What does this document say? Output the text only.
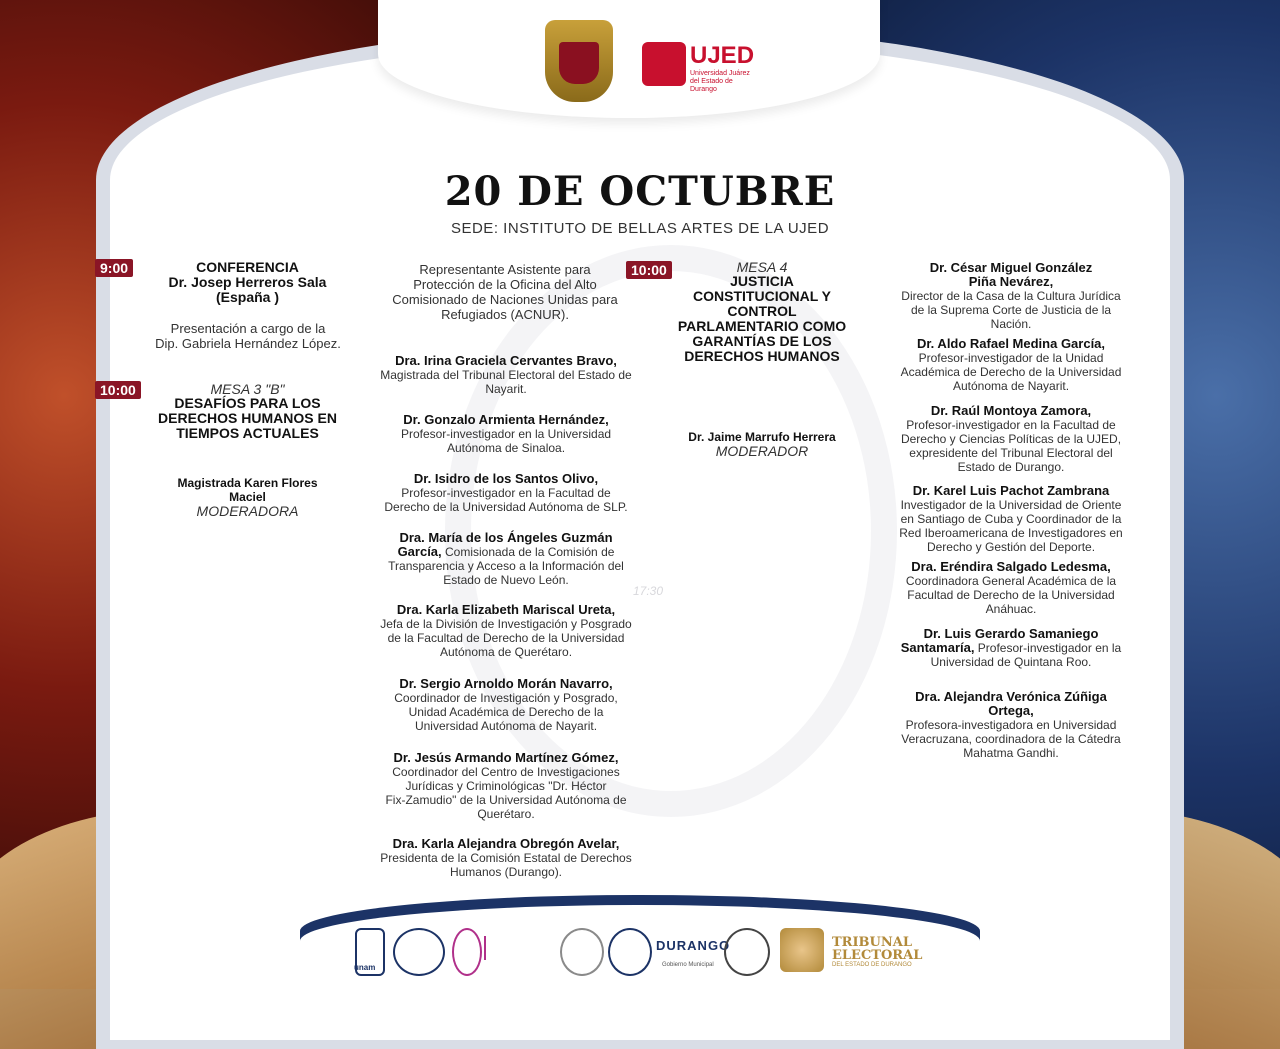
UJED
Universidad Juárez del Estado de Durango
20 DE OCTUBRE
SEDE: INSTITUTO DE BELLAS ARTES DE LA UJED
9:00	CONFERENCIA
Dr. Josep Herreros Sala
(España )
Presentación a cargo de la
Dip. Gabriela Hernández López.
10:00	MESA 3 "B"
DESAFÍOS PARA LOS
DERECHOS HUMANOS EN
TIEMPOS ACTUALES
Magistrada Karen Flores
Maciel
MODERADORA
Representante Asistente para
Protección de la Oficina del Alto
Comisionado de Naciones Unidas para
Refugiados (ACNUR).
Dra. Irina Graciela Cervantes Bravo,
Magistrada del Tribunal Electoral del Estado de
Nayarit.
Dr. Gonzalo Armienta Hernández,
Profesor-investigador en la Universidad
Autónoma de Sinaloa.
Dr. Isidro de los Santos Olivo,
Profesor-investigador en la Facultad de
Derecho de la Universidad Autónoma de SLP.
Dra. María de los Ángeles Guzmán
García, Comisionada de la Comisión de
Transparencia y Acceso a la Información del
Estado de Nuevo León.
Dra. Karla Elizabeth Mariscal Ureta,
Jefa de la División de Investigación y Posgrado
de la Facultad de Derecho de la Universidad
Autónoma de Querétaro.
Dr. Sergio Arnoldo Morán Navarro,
Coordinador de Investigación y Posgrado,
Unidad Académica de Derecho de la
Universidad Autónoma de Nayarit.
Dr. Jesús Armando Martínez Gómez,
Coordinador del Centro de Investigaciones
Jurídicas y Criminológicas "Dr. Héctor
Fix-Zamudio" de la Universidad Autónoma de
Querétaro.
Dra. Karla Alejandra Obregón Avelar,
Presidenta de la Comisión Estatal de Derechos
Humanos (Durango).
10:00	MESA 4
JUSTICIA
CONSTITUCIONAL Y
CONTROL
PARLAMENTARIO COMO
GARANTÍAS DE LOS
DERECHOS HUMANOS
Dr. Jaime Marrufo Herrera
MODERADOR
17:30
Dr. César Miguel González
Piña Nevárez,
Director de la Casa de la Cultura Jurídica
de la Suprema Corte de Justicia de la
Nación.
Dr. Aldo Rafael Medina García,
Profesor-investigador de la Unidad
Académica de Derecho de la Universidad
Autónoma de Nayarit.
Dr. Raúl Montoya Zamora,
Profesor-investigador en la Facultad de
Derecho y Ciencias Políticas de la UJED,
expresidente del Tribunal Electoral del
Estado de Durango.
Dr. Karel Luis Pachot Zambrana
Investigador de la Universidad de Oriente
en Santiago de Cuba y Coordinador de la
Red Iberoamericana de Investigadores en
Derecho y Gestión del Deporte.
Dra. Eréndira Salgado Ledesma,
Coordinadora General Académica de la
Facultad de Derecho de la Universidad
Anáhuac.
Dr. Luis Gerardo Samaniego
Santamaría, Profesor-investigador en la
Universidad de Quintana Roo.
Dra. Alejandra Verónica Zúñiga
Ortega,
Profesora-investigadora en Universidad
Veracruzana, coordinadora de la Cátedra
Mahatma Gandhi.
unam
DURANGO
Gobierno Municipal
TRIBUNAL
ELECTORAL
DEL ESTADO DE DURANGO
